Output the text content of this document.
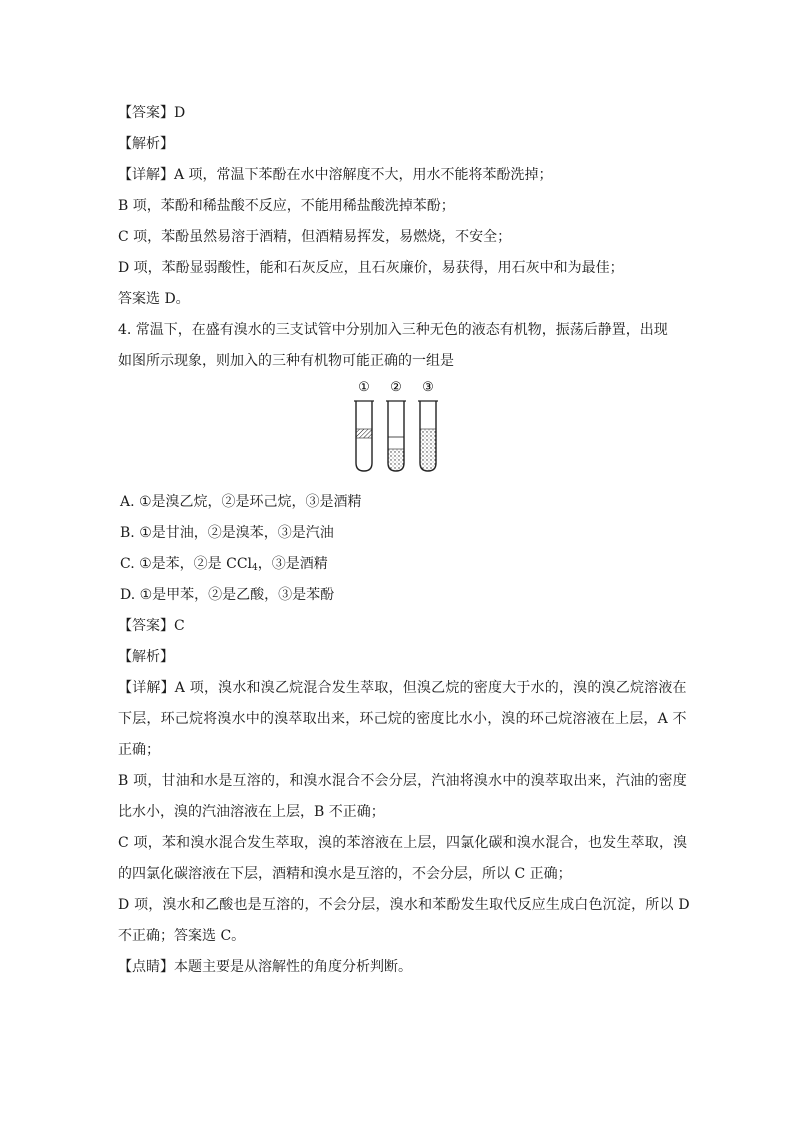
【答案】D
【解析】
【详解】A 项，常温下苯酚在水中溶解度不大，用水不能将苯酚洗掉；
B 项，苯酚和稀盐酸不反应，不能用稀盐酸洗掉苯酚；
C 项，苯酚虽然易溶于酒精，但酒精易挥发，易燃烧，不安全；
D 项，苯酚显弱酸性，能和石灰反应，且石灰廉价，易获得，用石灰中和为最佳；
答案选 D。
4. 常温下，在盛有溴水的三支试管中分别加入三种无色的液态有机物，振荡后静置，出现
如图所示现象，则加入的三种有机物可能正确的一组是
① ② ③
A. ①是溴乙烷，②是环己烷，③是酒精
B. ①是甘油，②是溴苯，③是汽油
C. ①是苯，②是 CCl$_4$，③是酒精
D. ①是甲苯，②是乙酸，③是苯酚
【答案】C
【解析】
【详解】A 项，溴水和溴乙烷混合发生萃取，但溴乙烷的密度大于水的，溴的溴乙烷溶液在
下层，环己烷将溴水中的溴萃取出来，环己烷的密度比水小，溴的环己烷溶液在上层，A 不
正确；
B 项，甘油和水是互溶的，和溴水混合不会分层，汽油将溴水中的溴萃取出来，汽油的密度
比水小，溴的汽油溶液在上层，B 不正确；
C 项，苯和溴水混合发生萃取，溴的苯溶液在上层，四氯化碳和溴水混合，也发生萃取，溴
的四氯化碳溶液在下层，酒精和溴水是互溶的，不会分层，所以 C 正确；
D 项，溴水和乙酸也是互溶的，不会分层，溴水和苯酚发生取代反应生成白色沉淀，所以 D
不正确；答案选 C。
【点睛】本题主要是从溶解性的角度分析判断。
